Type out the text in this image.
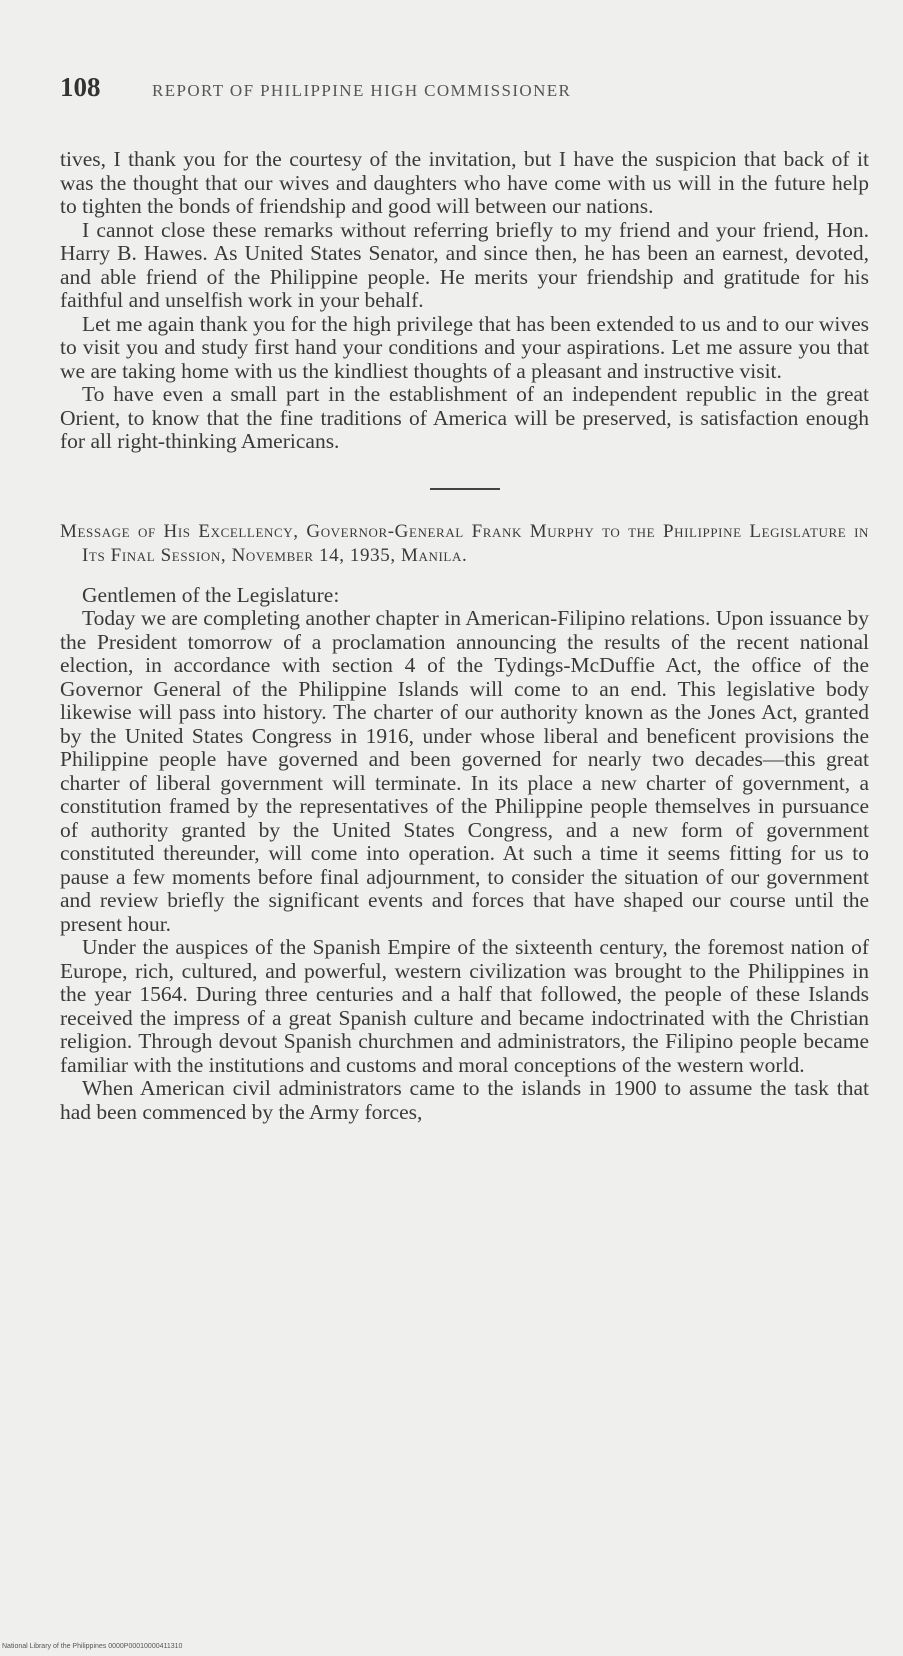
108	REPORT OF PHILIPPINE HIGH COMMISSIONER

tives, I thank you for the courtesy of the invitation, but I have the suspicion that back of it was the thought that our wives and daughters who have come with us will in the future help to tighten the bonds of friendship and good will between our nations.

I cannot close these remarks without referring briefly to my friend and your friend, Hon. Harry B. Hawes. As United States Senator, and since then, he has been an earnest, devoted, and able friend of the Philippine people. He merits your friendship and gratitude for his faithful and unselfish work in your behalf.

Let me again thank you for the high privilege that has been extended to us and to our wives to visit you and study first hand your conditions and your aspirations. Let me assure you that we are taking home with us the kindliest thoughts of a pleasant and instructive visit.

To have even a small part in the establishment of an independent republic in the great Orient, to know that the fine traditions of America will be preserved, is satisfaction enough for all right-thinking Americans.

Message of His Excellency, Governor-General Frank Murphy to the Philippine Legislature in Its Final Session, November 14, 1935, Manila.

Gentlemen of the Legislature:

Today we are completing another chapter in American-Filipino relations. Upon issuance by the President tomorrow of a proclamation announcing the results of the recent national election, in accordance with section 4 of the Tydings-McDuffie Act, the office of the Governor General of the Philippine Islands will come to an end. This legislative body likewise will pass into history. The charter of our authority known as the Jones Act, granted by the United States Congress in 1916, under whose liberal and beneficent provisions the Philippine people have governed and been governed for nearly two decades—this great charter of liberal government will terminate. In its place a new charter of government, a constitution framed by the representatives of the Philippine people themselves in pursuance of authority granted by the United States Congress, and a new form of government constituted thereunder, will come into operation. At such a time it seems fitting for us to pause a few moments before final adjournment, to consider the situation of our government and review briefly the significant events and forces that have shaped our course until the present hour.

Under the auspices of the Spanish Empire of the sixteenth century, the foremost nation of Europe, rich, cultured, and powerful, western civilization was brought to the Philippines in the year 1564. During three centuries and a half that followed, the people of these Islands received the impress of a great Spanish culture and became indoctrinated with the Christian religion. Through devout Spanish churchmen and administrators, the Filipino people became familiar with the institutions and customs and moral conceptions of the western world.

When American civil administrators came to the islands in 1900 to assume the task that had been commenced by the Army forces,

National Library of the Philippines 0000P00010000411310
